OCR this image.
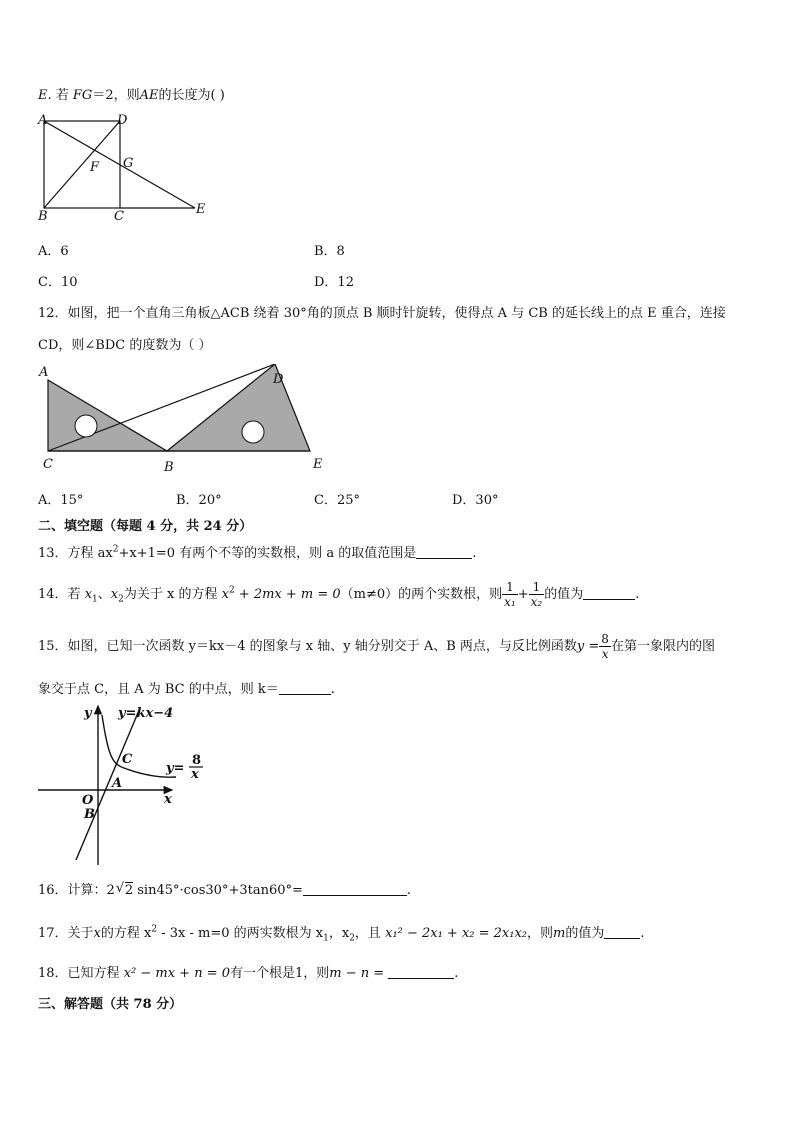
E. 若 FG＝2，则AE的长度为( )
A	D
F G
B	C	E
A．6	B．8
C．10	D．12
12．如图，把一个直角三角板△ACB 绕着 30°角的顶点 B 顺时针旋转，使得点 A 与 CB 的延长线上的点 E 重合，连接
CD，则∠BDC 的度数为（ ）
A	D
C	B	E
A．15°	B．20°	C．25°	D．30°
二、填空题（每题 4 分，共 24 分）
13．方程 $ax^2+x+1=0$ 有两个不等的实数根，则 a 的取值范围是	.
14．若 $x_1$、$x_2$为关于 x 的方程 $x^2 + 2mx + m = 0(m\ne 0)$的两个实数根，则 $\frac{1}{\text{x₁}} + \frac{1}{\text{x₂}}$ 的值为	.
15．如图，已知一次函数 y＝kx－4 的图象与 x 轴、y 轴分别交于 A、B 两点，与反比例函数$y = \frac{8}{x}$ 在第一象限内的图
象交于点 C，且 A 为 BC 的中点，则 k＝	.
y y=kx−4
C
A
O
B
x
y=
8
x
16．计算：2 √ 2 sin45°·cos30°+3tan60°=	.
17．关于x的方程 $x^2 - 3x - m=0$ 的两实数根为 $x_1$，$x_2$，且 x₁² − 2x₁ + x₂ = 2x₁x₂，则m的值为	.
18．已知方程 x² − mx + n = 0有一个根是1，则m − n =	.
三、解答题（共 78 分）
